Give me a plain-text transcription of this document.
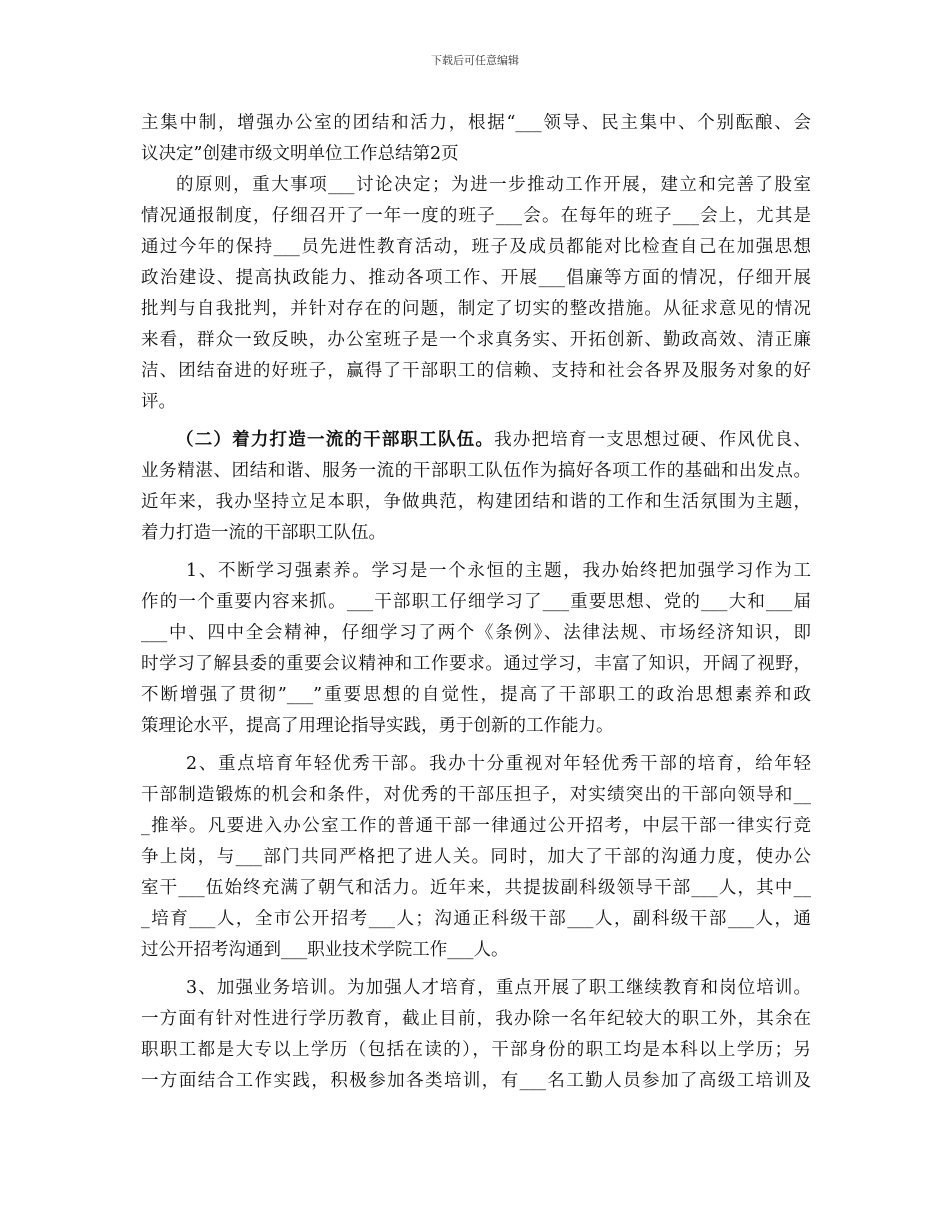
下载后可任意编辑
主集中制，增强办公室的团结和活力，根据“___领导、民主集中、个别酝酿、会
议决定”创建市级文明单位工作总结第2页
的原则，重大事项___讨论决定；为进一步推动工作开展，建立和完善了股室
情况通报制度，仔细召开了一年一度的班子___会。在每年的班子___会上，尤其是
通过今年的保持___员先进性教育活动，班子及成员都能对比检查自己在加强思想
政治建设、提高执政能力、推动各项工作、开展___倡廉等方面的情况，仔细开展
批判与自我批判，并针对存在的问题，制定了切实的整改措施。从征求意见的情况
来看，群众一致反映，办公室班子是一个求真务实、开拓创新、勤政高效、清正廉
洁、团结奋进的好班子，赢得了干部职工的信赖、支持和社会各界及服务对象的好
评。
（二）着力打造一流的干部职工队伍。我办把培育一支思想过硬、作风优良、
业务精湛、团结和谐、服务一流的干部职工队伍作为搞好各项工作的基础和出发点。
近年来，我办坚持立足本职，争做典范，构建团结和谐的工作和生活氛围为主题，
着力打造一流的干部职工队伍。
1、不断学习强素养。学习是一个永恒的主题，我办始终把加强学习作为工
作的一个重要内容来抓。___干部职工仔细学习了___重要思想、党的___大和___届
___中、四中全会精神，仔细学习了两个《条例》、法律法规、市场经济知识，即
时学习了解县委的重要会议精神和工作要求。通过学习，丰富了知识，开阔了视野，
不断增强了贯彻”___”重要思想的自觉性，提高了干部职工的政治思想素养和政
策理论水平，提高了用理论指导实践，勇于创新的工作能力。
2、重点培育年轻优秀干部。我办十分重视对年轻优秀干部的培育，给年轻
干部制造锻炼的机会和条件，对优秀的干部压担子，对实绩突出的干部向领导和__
_推举。凡要进入办公室工作的普通干部一律通过公开招考，中层干部一律实行竞
争上岗，与___部门共同严格把了进人关。同时，加大了干部的沟通力度，使办公
室干___伍始终充满了朝气和活力。近年来，共提拔副科级领导干部___人，其中__
_培育___人，全市公开招考___人；沟通正科级干部___人，副科级干部___人，通
过公开招考沟通到___职业技术学院工作___人。
3、加强业务培训。为加强人才培育，重点开展了职工继续教育和岗位培训。
一方面有针对性进行学历教育，截止目前，我办除一名年纪较大的职工外，其余在
职职工都是大专以上学历（包括在读的），干部身份的职工均是本科以上学历；另
一方面结合工作实践，积极参加各类培训，有___名工勤人员参加了高级工培训及
